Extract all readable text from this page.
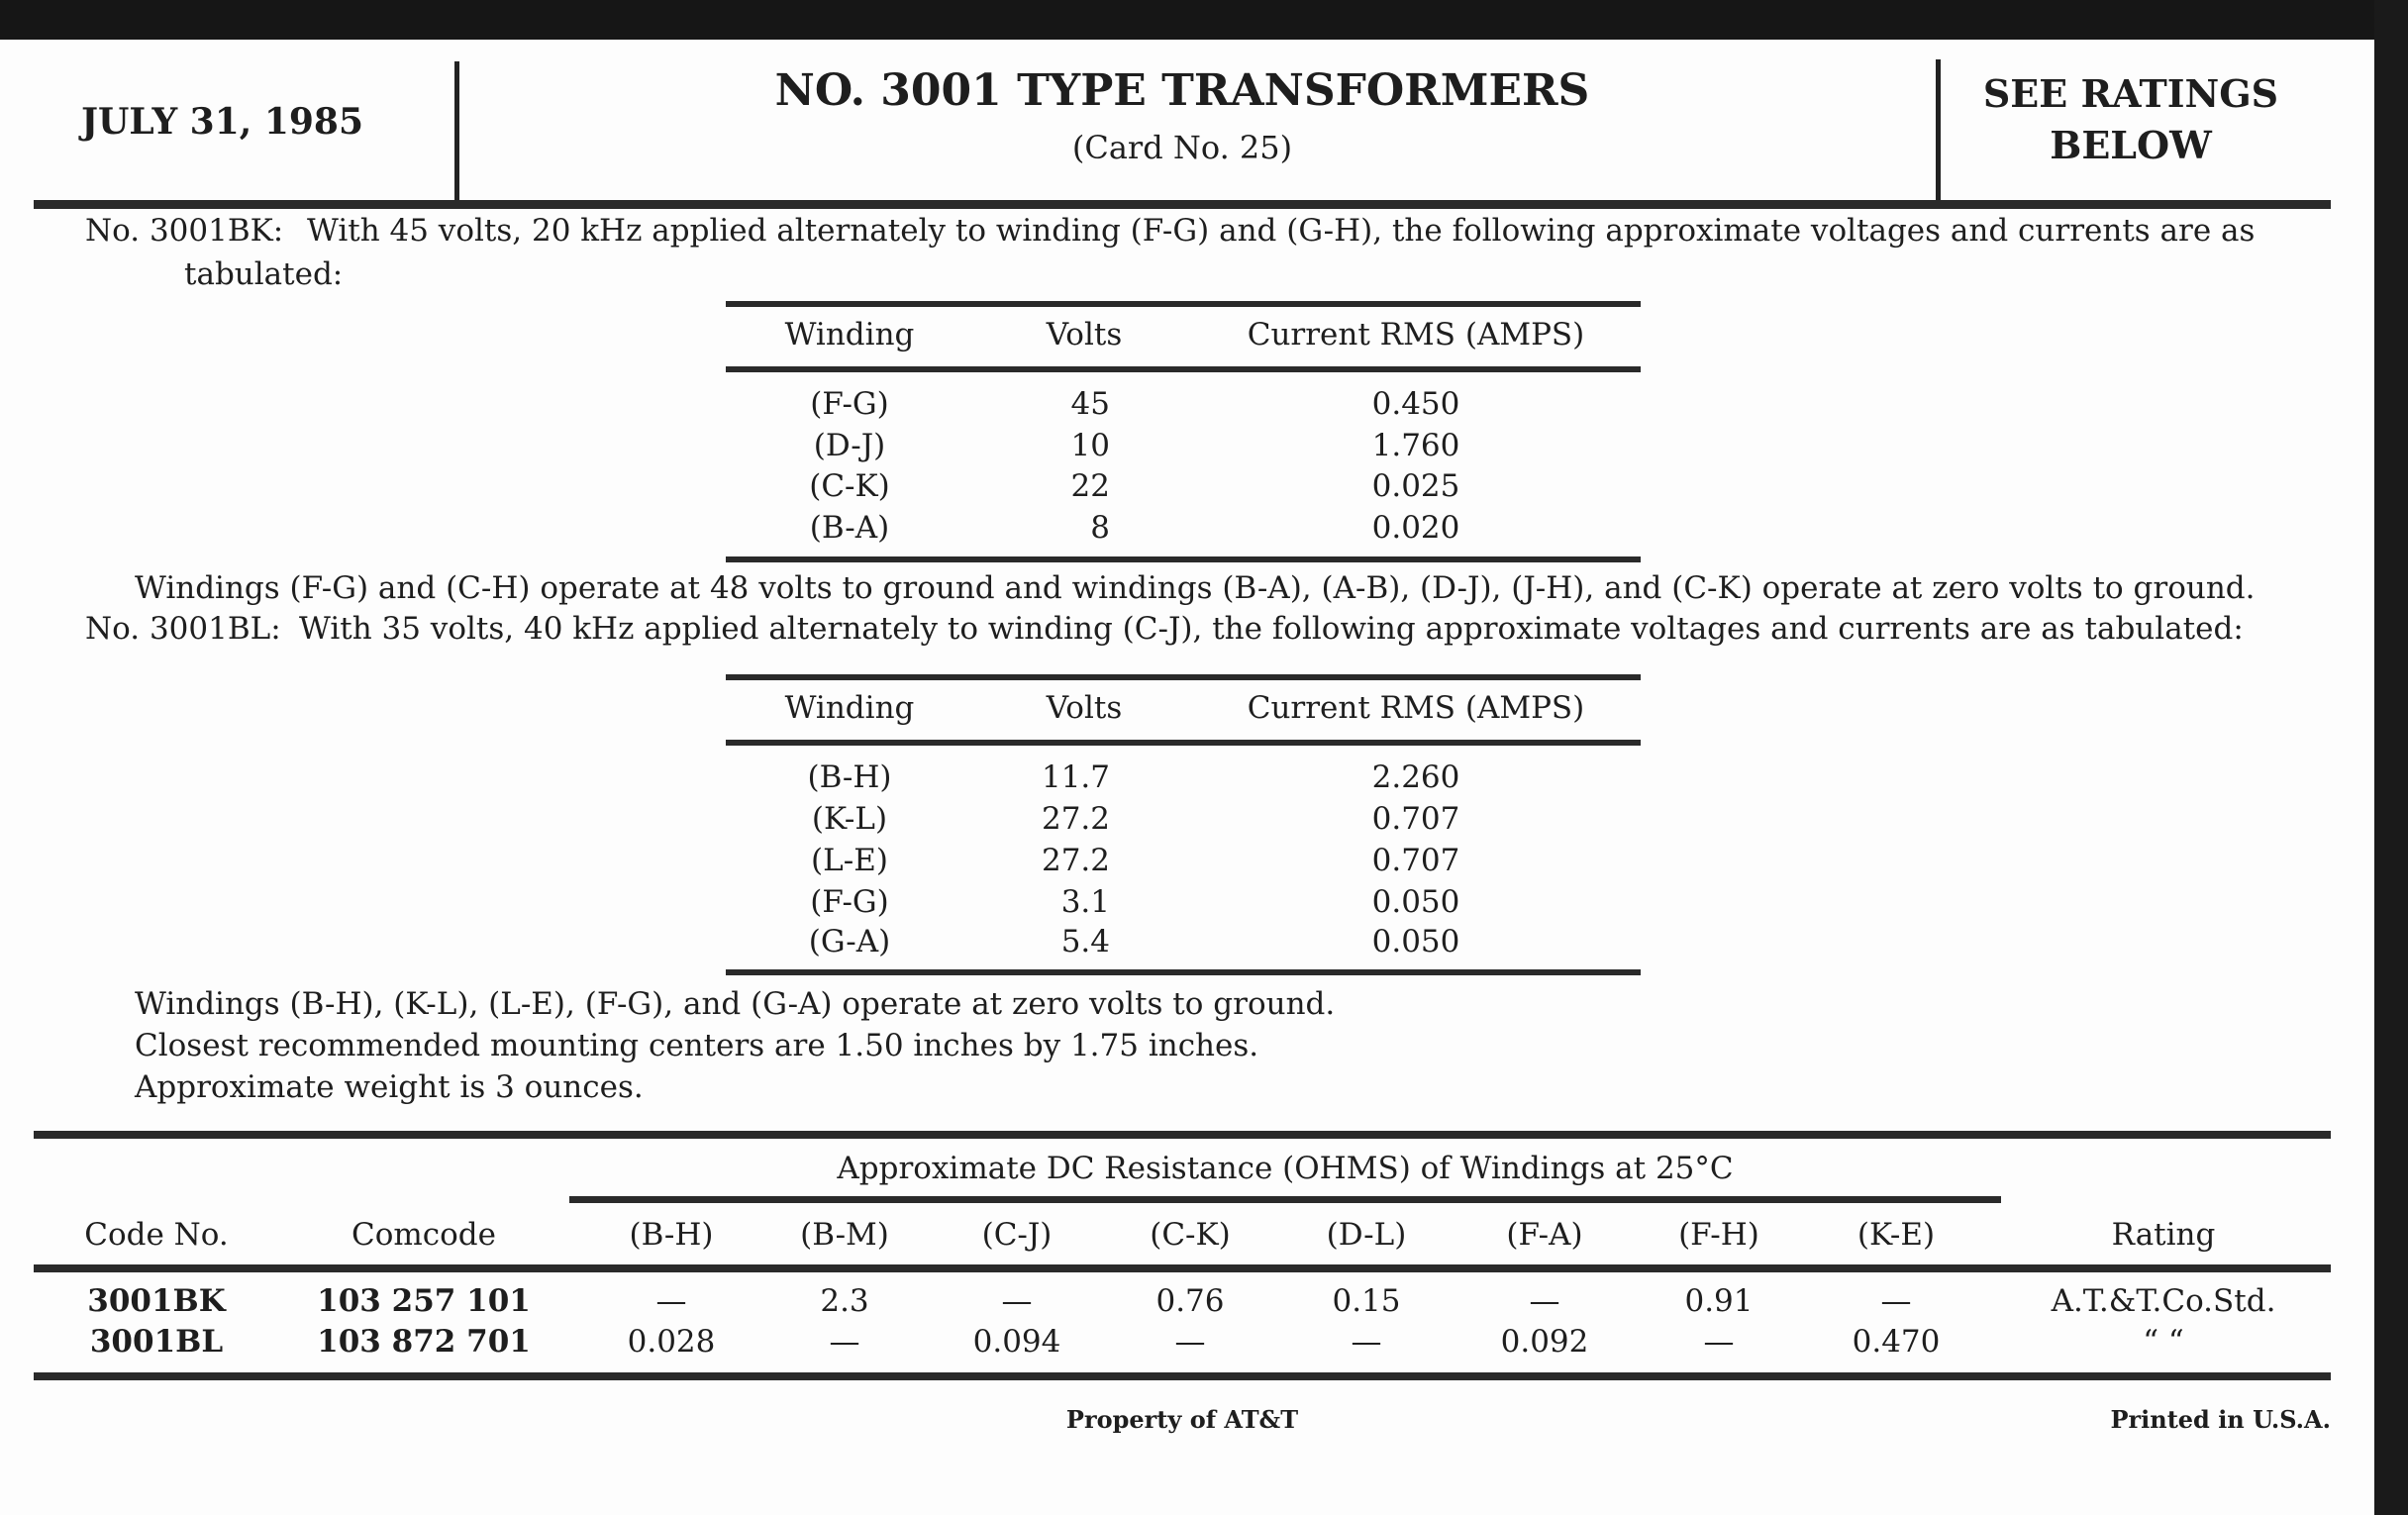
JULY 31, 1985
NO. 3001 TYPE TRANSFORMERS
(Card No. 25)
SEE RATINGS
BELOW
No. 3001BK: With 45 volts, 20 kHz applied alternately to winding (F-G) and (G-H), the following approximate voltages and currents are as
tabulated:
Winding	Volts	Current RMS (AMPS)
(F-G)	45	0.450
(D-J)	10	1.760
(C-K)	22	0.025
(B-A)	8	0.020
Windings (F-G) and (C-H) operate at 48 volts to ground and windings (B-A), (A-B), (D-J), (J-H), and (C-K) operate at zero volts to ground.
No. 3001BL: With 35 volts, 40 kHz applied alternately to winding (C-J), the following approximate voltages and currents are as tabulated:
Winding	Volts	Current RMS (AMPS)
(B-H)	11.7	2.260
(K-L)	27.2	0.707
(L-E)	27.2	0.707
(F-G)	3.1	0.050
(G-A)	5.4	0.050
Windings (B-H), (K-L), (L-E), (F-G), and (G-A) operate at zero volts to ground.
Closest recommended mounting centers are 1.50 inches by 1.75 inches.
Approximate weight is 3 ounces.
Approximate DC Resistance (OHMS) of Windings at 25°C
Code No.	Comcode	(B-H)	(B-M)	(C-J)	(C-K)	(D-L)	(F-A)	(F-H)	(K-E)	Rating
3001BK	103 257 101	—	2.3	—	0.76	0.15	—	0.91	—	A.T.&T.Co.Std.
3001BL	103 872 701	0.028	—	0.094	—	—	0.092	—	0.470	“ “
Property of AT&T	Printed in U.S.A.
